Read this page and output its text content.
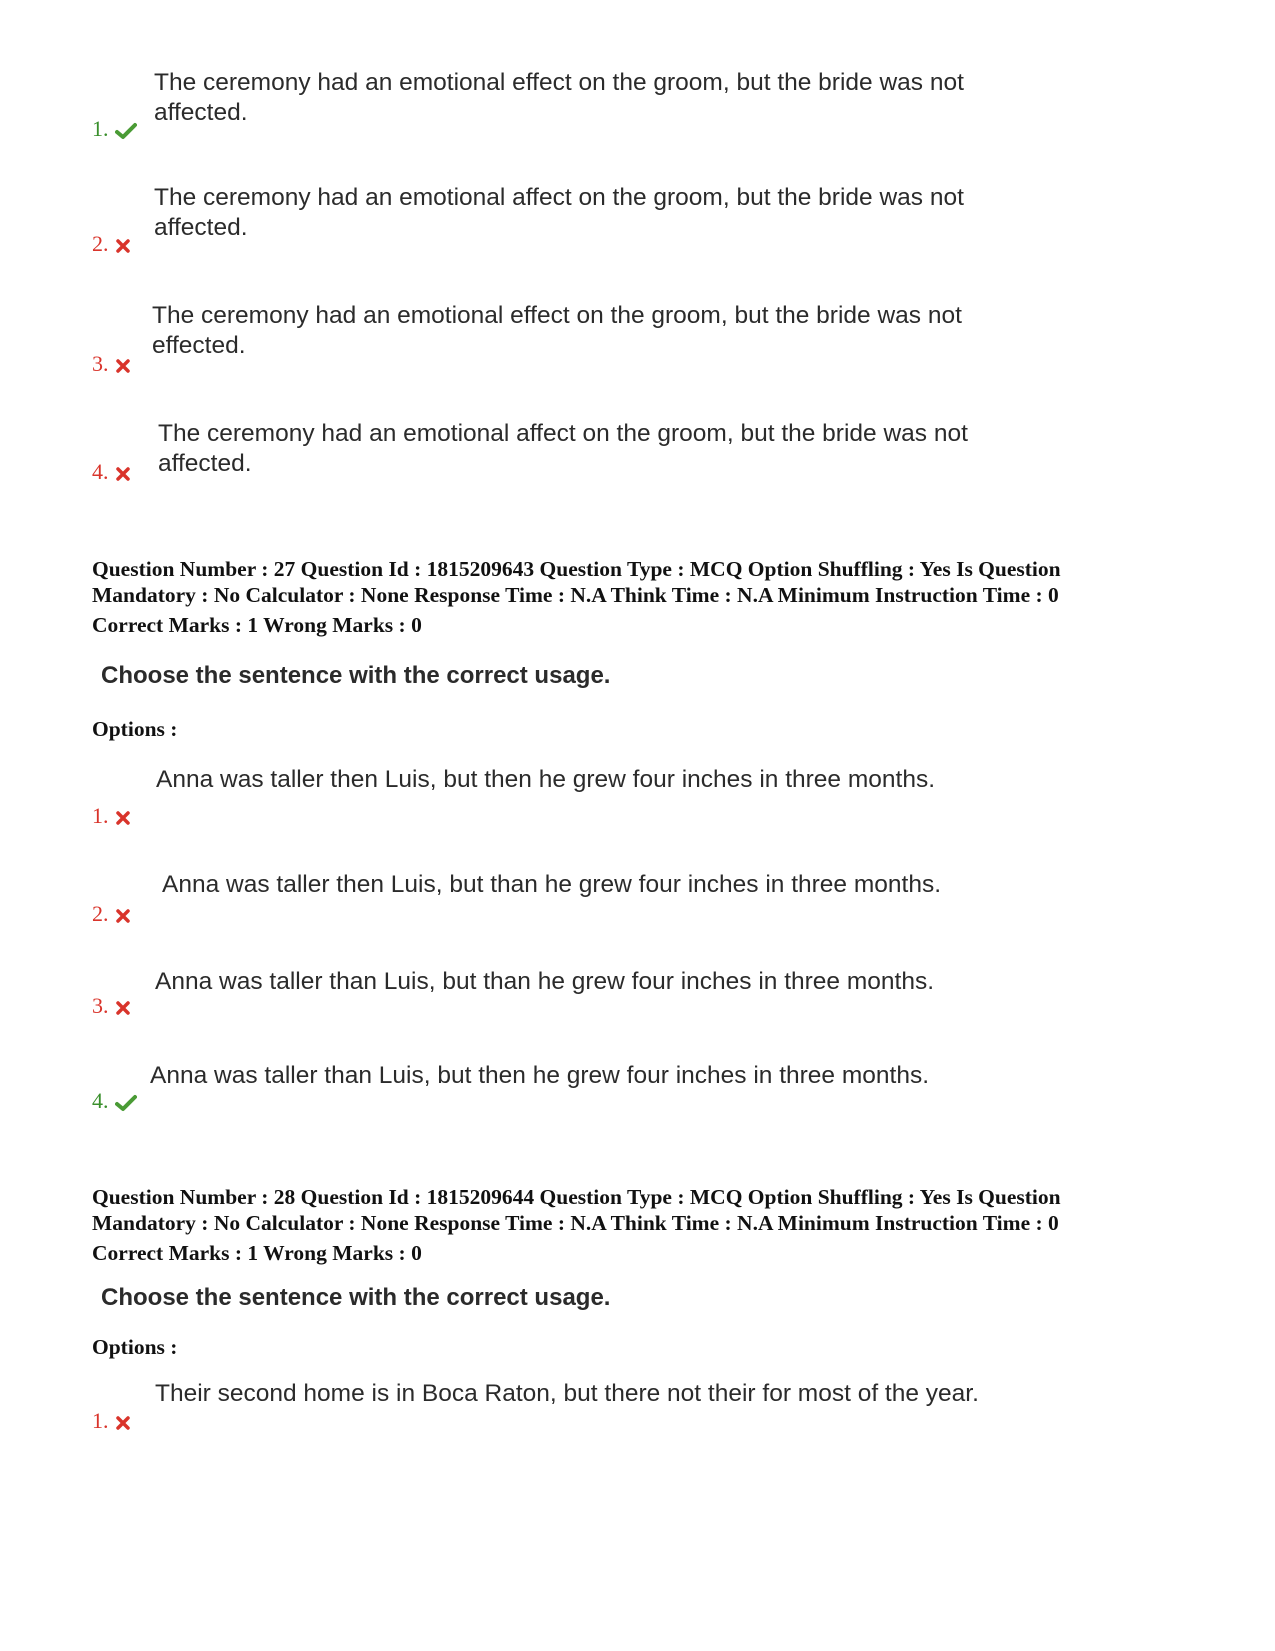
The ceremony had an emotional effect on the groom, but the bride was not affected.
1.
The ceremony had an emotional affect on the groom, but the bride was not affected.
2.
The ceremony had an emotional effect on the groom, but the bride was not effected.
3.
The ceremony had an emotional affect on the groom, but the bride was not affected.
4.
Question Number : 27 Question Id : 1815209643 Question Type : MCQ Option Shuffling : Yes Is Question
Mandatory : No Calculator : None Response Time : N.A Think Time : N.A Minimum Instruction Time : 0
Correct Marks : 1 Wrong Marks : 0
Choose the sentence with the correct usage.
Options :
Anna was taller then Luis, but then he grew four inches in three months.
1.
Anna was taller then Luis, but than he grew four inches in three months.
2.
Anna was taller than Luis, but than he grew four inches in three months.
3.
Anna was taller than Luis, but then he grew four inches in three months.
4.
Question Number : 28 Question Id : 1815209644 Question Type : MCQ Option Shuffling : Yes Is Question
Mandatory : No Calculator : None Response Time : N.A Think Time : N.A Minimum Instruction Time : 0
Correct Marks : 1 Wrong Marks : 0
Choose the sentence with the correct usage.
Options :
Their second home is in Boca Raton, but there not their for most of the year.
1.
